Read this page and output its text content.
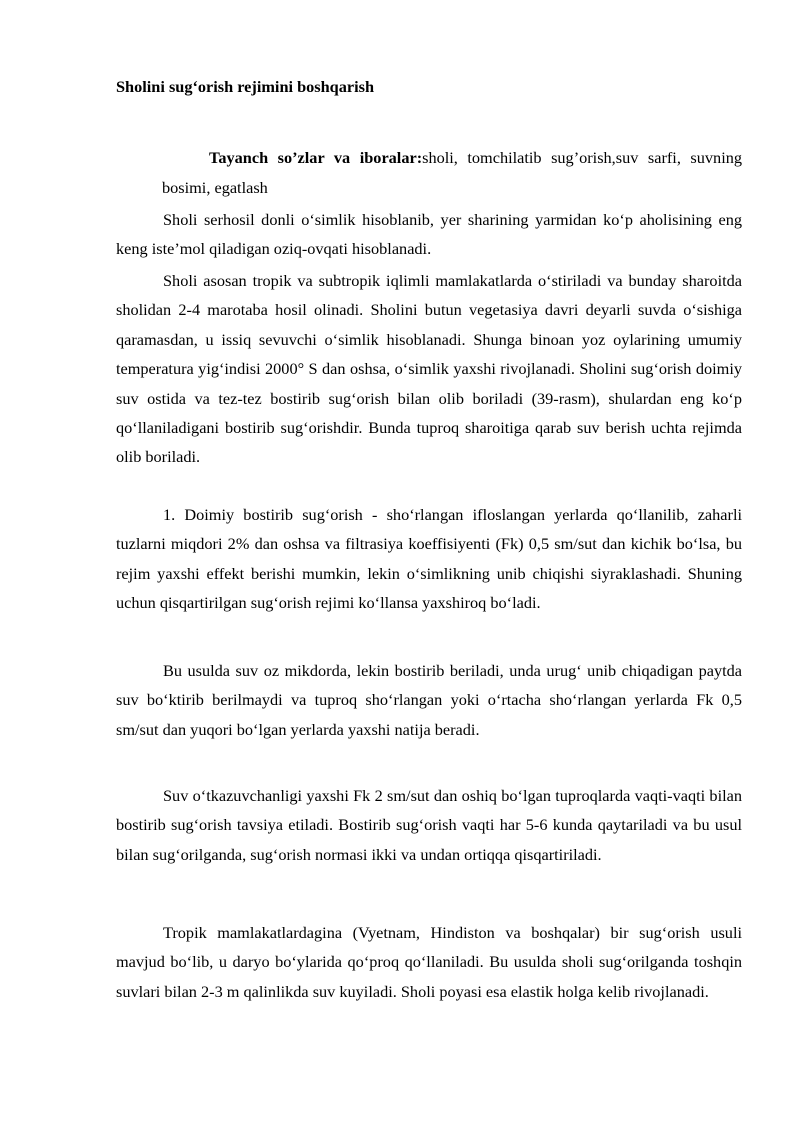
Sholini sug‘orish rejimini boshqarish

Tayanch so’zlar va iboralar:sholi, tomchilatib sug’orish,suv sarfi, suvning bosimi, egatlash

Sholi serhosil donli o‘simlik hisoblanib, yer sharining yarmidan ko‘p aholisining eng keng iste’mol qiladigan oziq-ovqati hisoblanadi.

Sholi asosan tropik va subtropik iqlimli mamlakatlarda o‘stiriladi va bunday sharoitda sholidan 2-4 marotaba hosil olinadi. Sholini butun vegetasiya davri deyarli suvda o‘sishiga qaramasdan, u issiq sevuvchi o‘simlik hisoblanadi. Shunga binoan yoz oylarining umumiy temperatura yig‘indisi 2000° S dan oshsa, o‘simlik yaxshi rivojlanadi. Sholini sug‘orish doimiy suv ostida va tez-tez bostirib sug‘orish bilan olib boriladi (39-rasm), shulardan eng ko‘p qo‘llaniladigani bostirib sug‘orishdir. Bunda tuproq sharoitiga qarab suv berish uchta rejimda olib boriladi.

1. Doimiy bostirib sug‘orish - sho‘rlangan ifloslangan yerlarda qo‘llanilib, zaharli tuzlarni miqdori 2% dan oshsa va filtrasiya koeffisiyenti (Fk) 0,5 sm/sut dan kichik bo‘lsa, bu rejim yaxshi effekt berishi mumkin, lekin o‘simlikning unib chiqishi siyraklashadi. Shuning uchun qisqartirilgan sug‘orish rejimi ko‘llansa yaxshiroq bo‘ladi.

Bu usulda suv oz mikdorda, lekin bostirib beriladi, unda urug‘ unib chiqadigan paytda suv bo‘ktirib berilmaydi va tuproq sho‘rlangan yoki o‘rtacha sho‘rlangan yerlarda Fk 0,5 sm/sut dan yuqori bo‘lgan yerlarda yaxshi natija beradi.

Suv o‘tkazuvchanligi yaxshi Fk 2 sm/sut dan oshiq bo‘lgan tuproqlarda vaqti-vaqti bilan bostirib sug‘orish tavsiya etiladi. Bostirib sug‘orish vaqti har 5-6 kunda qaytariladi va bu usul bilan sug‘orilganda, sug‘orish normasi ikki va undan ortiqqa qisqartiriladi.

Tropik mamlakatlardagina (Vyetnam, Hindiston va boshqalar) bir sug‘orish usuli mavjud bo‘lib, u daryo bo‘ylarida qo‘proq qo‘llaniladi. Bu usulda sholi sug‘orilganda toshqin suvlari bilan 2-3 m qalinlikda suv kuyiladi. Sholi poyasi esa elastik holga kelib rivojlanadi.
